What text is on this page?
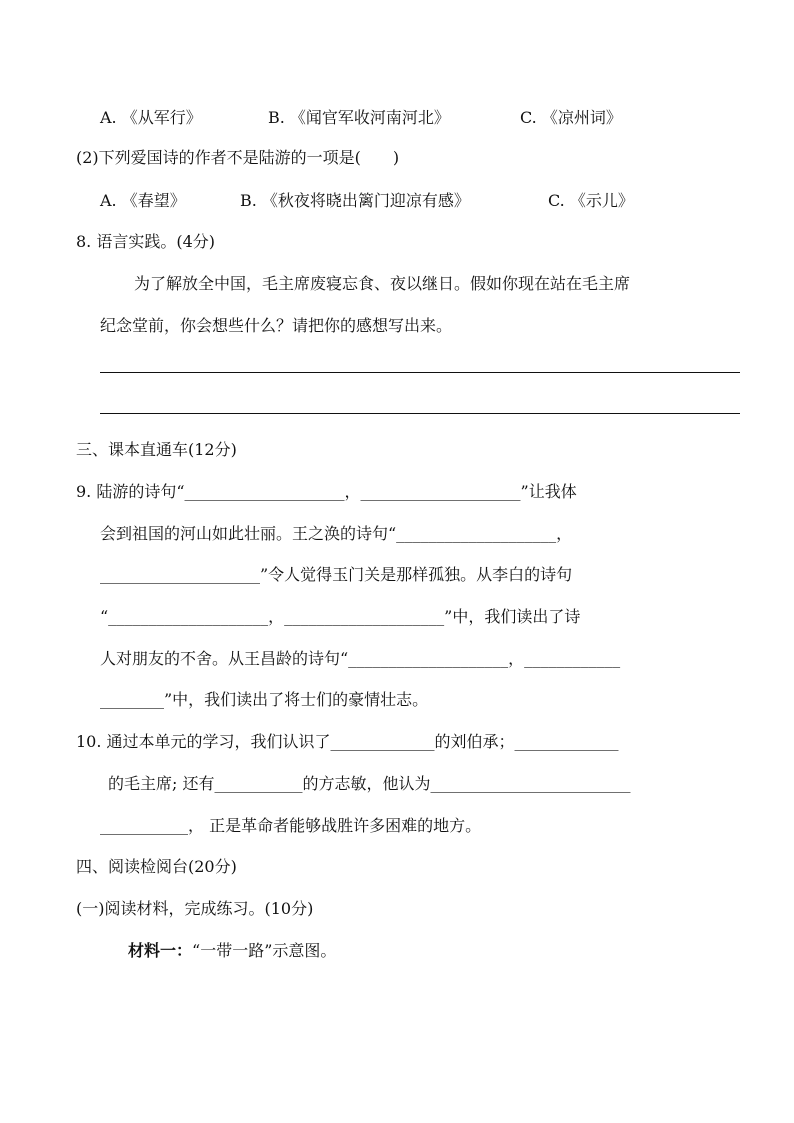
A. 《从军行》	B. 《闻官军收河南河北》	C. 《凉州词》
(2)下列爱国诗的作者不是陆游的一项是(　　)
A. 《春望》	B. 《秋夜将晓出篱门迎凉有感》	C. 《示儿》
8. 语言实践。(4分)
为了解放全中国，毛主席废寝忘食、夜以继日。假如你现在站在毛主席
纪念堂前，你会想些什么？请把你的感想写出来。
三、课本直通车(12分)
9. 陆游的诗句“____________________，____________________”让我体
会到祖国的河山如此壮丽。王之涣的诗句“____________________，
____________________”令人觉得玉门关是那样孤独。从李白的诗句
“____________________，____________________”中，我们读出了诗
人对朋友的不舍。从王昌龄的诗句“____________________，____________
________”中，我们读出了将士们的豪情壮志。
10. 通过本单元的学习，我们认识了_____________的刘伯承；_____________
的毛主席; 还有___________的方志敏，他认为_________________________
___________， 正是革命者能够战胜许多困难的地方。
四、阅读检阅台(20分)
(一)阅读材料，完成练习。(10分)
材料一：“一带一路”示意图。
